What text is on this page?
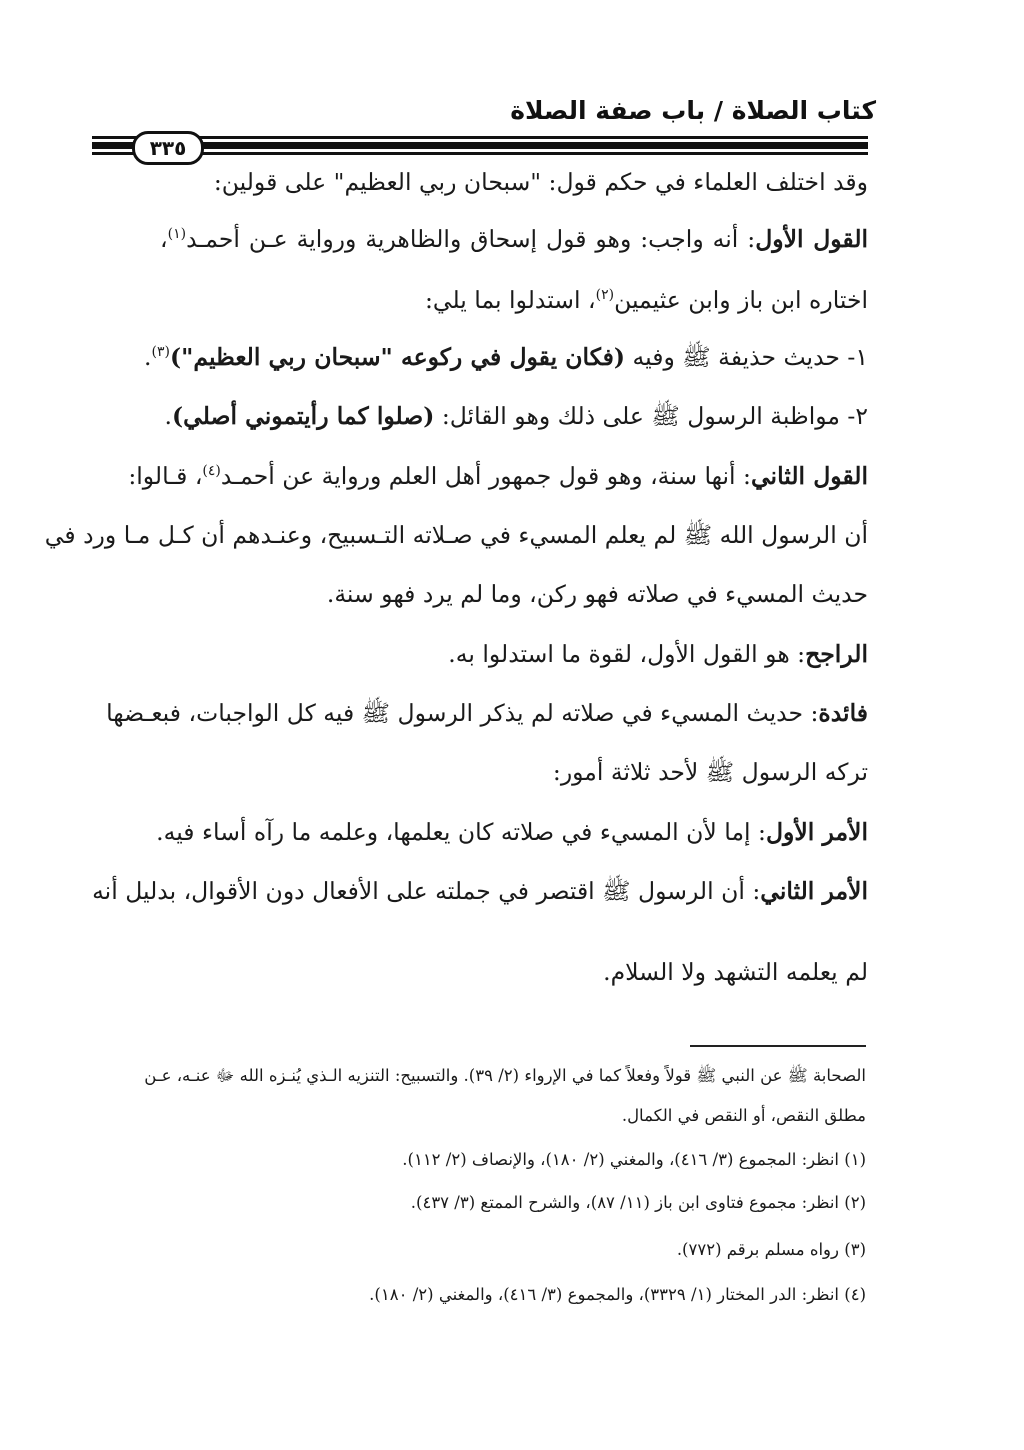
كتاب الصلاة / باب صفة الصلاة
٣٣٥
وقد اختلف العلماء في حكم قول: "سبحان ربي العظيم" على قولين:
القول الأول: أنه واجب: وهو قول إسحاق والظاهرية ورواية عـن أحمـد$^{(١)}$،
اختاره ابن باز وابن عثيمين$^{(٢)}$، استدلوا بما يلي:
١- حديث حذيفة ﷺ وفيه (فكان يقول في ركوعه "سبحان ربي العظيم")$^{(٣)}$.
٢- مواظبة الرسول ﷺ على ذلك وهو القائل: (صلوا كما رأيتموني أصلي).
القول الثاني: أنها سنة، وهو قول جمهور أهل العلم ورواية عن أحمـد$^{(٤)}$، قـالوا:
أن الرسول الله ﷺ لم يعلم المسيء في صـلاته التـسبيح، وعنـدهم أن كـل مـا ورد في
حديث المسيء في صلاته فهو ركن، وما لم يرد فهو سنة.
الراجح: هو القول الأول، لقوة ما استدلوا به.
فائدة: حديث المسيء في صلاته لم يذكر الرسول ﷺ فيه كل الواجبات، فبعـضها
تركه الرسول ﷺ لأحد ثلاثة أمور:
الأمر الأول: إما لأن المسيء في صلاته كان يعلمها، وعلمه ما رآه أساء فيه.
الأمر الثاني: أن الرسول ﷺ اقتصر في جملته على الأفعال دون الأقوال، بدليل أنه
لم يعلمه التشهد ولا السلام.
الصحابة ﷺ عن النبي ﷺ قولاً وفعلاً كما في الإرواء (٢/ ٣٩). والتسبيح: التنزيه الـذي يُنـزه الله ﷻ عنـه، عـن
مطلق النقص، أو النقص في الكمال.
(١) انظر: المجموع (٣/ ٤١٦)، والمغني (٢/ ١٨٠)، والإنصاف (٢/ ١١٢).
(٢) انظر: مجموع فتاوى ابن باز (١١/ ٨٧)، والشرح الممتع (٣/ ٤٣٧).
(٣) رواه مسلم برقم (٧٧٢).
(٤) انظر: الدر المختار (١/ ٣٣٢٩)، والمجموع (٣/ ٤١٦)، والمغني (٢/ ١٨٠).
